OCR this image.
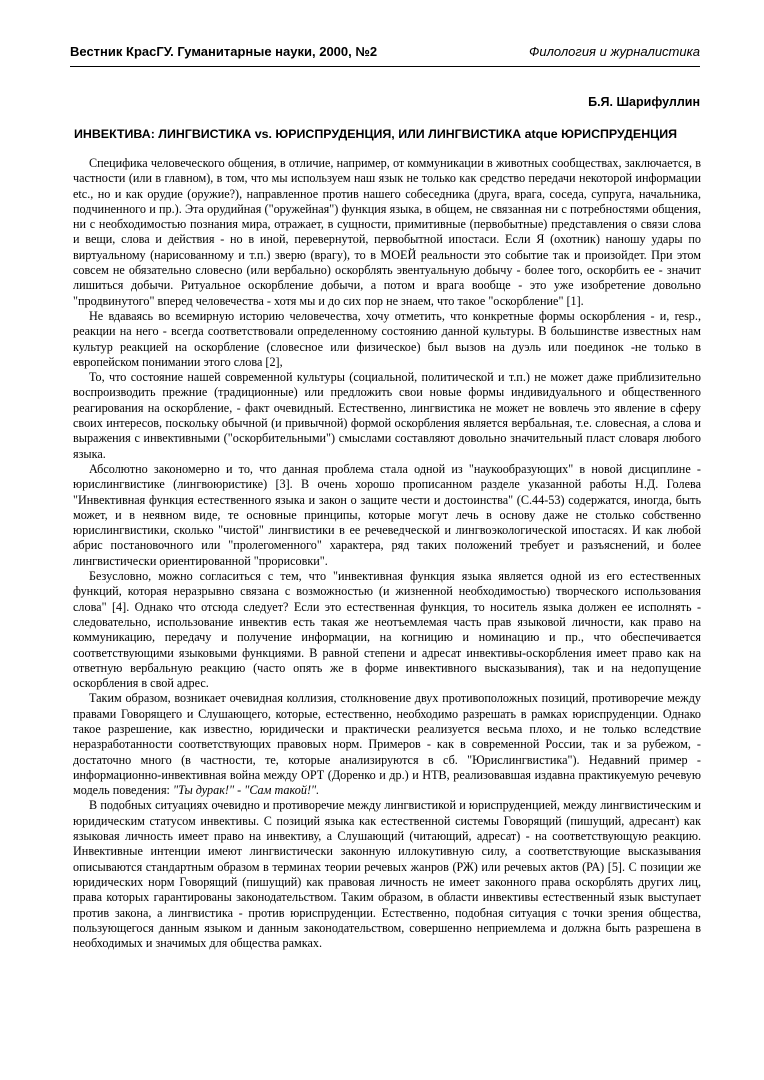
Вестник КрасГУ. Гуманитарные науки, 2000, №2	Филология и журналистика
Б.Я. Шарифуллин
ИНВЕКТИВА: ЛИНГВИСТИКА vs. ЮРИСПРУДЕНЦИЯ, ИЛИ ЛИНГВИСТИКА atque ЮРИСПРУДЕНЦИЯ

Специфика человеческого общения, в отличие, например, от коммуникации в животных сообществах, заключается, в частности (или в главном), в том, что мы используем наш язык не только как средство передачи некоторой информации etc., но и как орудие (оружие?), направленное против нашего собеседника (друга, врага, соседа, супруга, начальника, подчиненного и пр.). Эта орудийная ("оружейная") функция языка, в общем, не связанная ни с потребностями общения, ни с необходимостью познания мира, отражает, в сущности, примитивные (первобытные) представления о связи слова и вещи, слова и действия - но в иной, перевернутой, первобытной ипостаси. Если Я (охотник) наношу удары по виртуальному (нарисованному и т.п.) зверю (врагу), то в МОЕЙ реальности это событие так и произойдет. При этом совсем не обязательно словесно (или вербально) оскорблять эвентуальную добычу - более того, оскорбить ее - значит лишиться добычи. Ритуальное оскорбление добычи, а потом и врага вообще - это уже изобретение довольно "продвинутого" вперед человечества - хотя мы и до сих пор не знаем, что такое "оскорбление" [1].

Не вдаваясь во всемирную историю человечества, хочу отметить, что конкретные формы оскорбления - и, resp., реакции на него - всегда соответствовали определенному состоянию данной культуры. В большинстве известных нам культур реакцией на оскорбление (словесное или физическое) был вызов на дуэль или поединок -не только в европейском понимании этого слова [2],

То, что состояние нашей современной культуры (социальной, политической и т.п.) не может даже приблизительно воспроизводить прежние (традиционные) или предложить свои новые формы индивидуального и общественного реагирования на оскорбление, - факт очевидный. Естественно, лингвистика не может не вовлечь это явление в сферу своих интересов, поскольку обычной (и привычной) формой оскорбления является вербальная, т.е. словесная, а слова и выражения с инвективными ("оскорбительными") смыслами составляют довольно значительный пласт словаря любого языка.

Абсолютно закономерно и то, что данная проблема стала одной из "наукообразующих" в новой дисциплине - юрислингвистике (лингвоюристике) [3]. В очень хорошо прописанном разделе указанной работы Н.Д. Голева "Инвективная функция естественного языка и закон о защите чести и достоинства" (С.44-53) содержатся, иногда, быть может, и в неявном виде, те основные принципы, которые могут лечь в основу даже не столько собственно юрислингвистики, сколько "чистой" лингвистики в ее речеведческой и лингвоэкологической ипостасях. И как любой абрис постановочного или "пролегоменного" характера, ряд таких положений требует и разъяснений, и более лингвистически ориентированной "прорисовки".

Безусловно, можно согласиться с тем, что "инвективная функция языка является одной из его естественных функций, которая неразрывно связана с возможностью (и жизненной необходимостью) творческого использования слова" [4]. Однако что отсюда следует? Если это естественная функция, то носитель языка должен ее исполнять - следовательно, использование инвектив есть такая же неотъемлемая часть прав языковой личности, как право на коммуникацию, передачу и получение информации, на когницию и номинацию и пр., что обеспечивается соответствующими языковыми функциями. В равной степени и адресат инвективы-оскорбления имеет право как на ответную вербальную реакцию (часто опять же в форме инвективного высказывания), так и на недопущение оскорбления в свой адрес.

Таким образом, возникает очевидная коллизия, столкновение двух противоположных позиций, противоречие между правами Говорящего и Слушающего, которые, естественно, необходимо разрешать в рамках юриспруденции. Однако такое разрешение, как известно, юридически и практически реализуется весьма плохо, и не только вследствие неразработанности соответствующих правовых норм. Примеров - как в современной России, так и за рубежом, - достаточно много (в частности, те, которые анализируются в сб. "Юрислингвистика"). Недавний пример - информационно-инвективная война между ОРТ (Доренко и др.) и НТВ, реализовавшая издавна практикуемую речевую модель поведения: "Ты дурак!" - "Сам такой!".

В подобных ситуациях очевидно и противоречие между лингвистикой и юриспруденцией, между лингвистическим и юридическим статусом инвективы. С позиций языка как естественной системы Говорящий (пишущий, адресант) как языковая личность имеет право на инвективу, а Слушающий (читающий, адресат) - на соответствующую реакцию. Инвективные интенции имеют лингвистически законную иллокутивную силу, а соответствующие высказывания описываются стандартным образом в терминах теории речевых жанров (РЖ) или речевых актов (РА) [5]. С позиции же юридических норм Говорящий (пишущий) как правовая личность не имеет законного права оскорблять других лиц, права которых гарантированы законодательством. Таким образом, в области инвективы естественный язык выступает против закона, а лингвистика - против юриспруденции. Естественно, подобная ситуация с точки зрения общества, пользующегося данным языком и данным законодательством, совершенно неприемлема и должна быть разрешена в необходимых и значимых для общества рамках.
